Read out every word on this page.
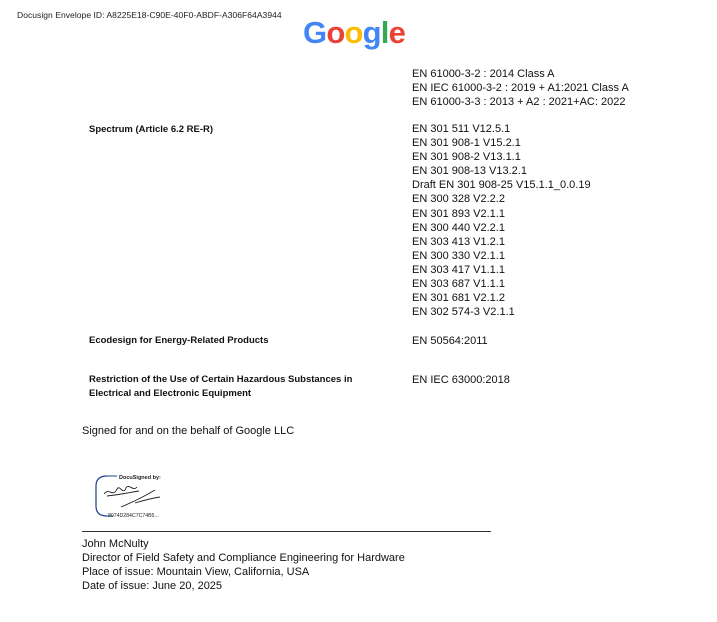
Docusign Envelope ID: A8225E18-C90E-40F0-ABDF-A306F64A3944 Google
EN 61000-3-2 : 2014 Class A
EN IEC 61000-3-2 : 2019 + A1:2021 Class A
EN 61000-3-3 : 2013 + A2 : 2021+AC: 2022
Spectrum (Article 6.2 RE-R)	EN 301 511 V12.5.1
EN 301 908-1 V15.2.1
EN 301 908-2 V13.1.1
EN 301 908-13 V13.2.1
Draft EN 301 908-25 V15.1.1_0.0.19
EN 300 328 V2.2.2
EN 301 893 V2.1.1
EN 300 440 V2.2.1
EN 303 413 V1.2.1
EN 300 330 V2.1.1
EN 303 417 V1.1.1
EN 303 687 V1.1.1
EN 301 681 V2.1.2
EN 302 574-3 V2.1.1
Ecodesign for Energy-Related Products	EN 50564:2011
Restriction of the Use of Certain Hazardous Substances in
Electrical and Electronic Equipment
EN IEC 63000:2018
Signed for and on the behalf of Google LLC
DocuSigned by:
8074D284C7C74B5...
John McNulty
Director of Field Safety and Compliance Engineering for Hardware
Place of issue: Mountain View, California, USA
Date of issue: June 20, 2025
